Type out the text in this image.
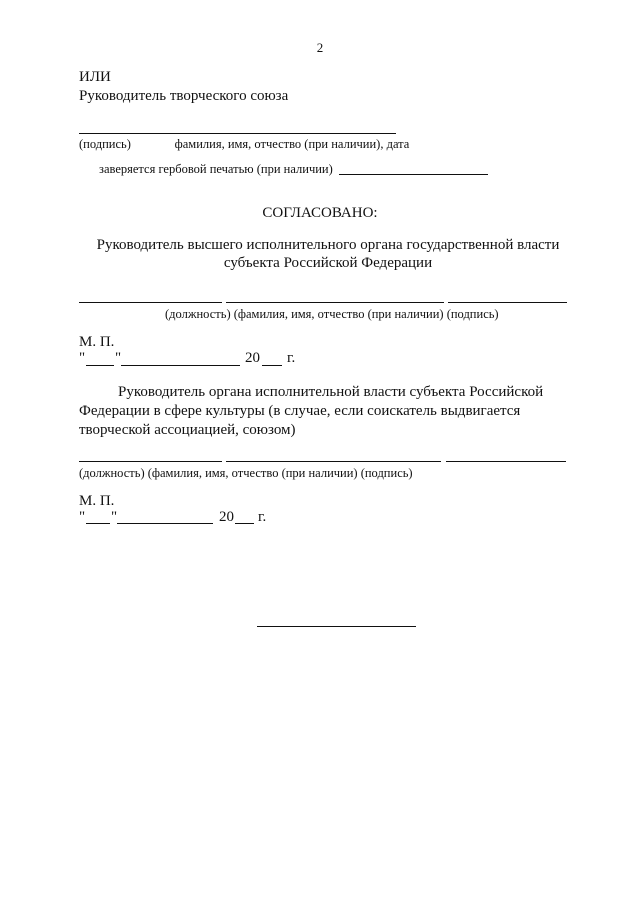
2
ИЛИ
Руководитель творческого союза
(подпись)              фамилия, имя, отчество (при наличии), дата
заверяется гербовой печатью (при наличии)
СОГЛАСОВАНО:
Руководитель высшего исполнительного органа государственной власти
субъекта Российской Федерации
(должность) (фамилия, имя, отчество (при наличии) (подпись)
М. П.
" "	20 г.
Руководитель органа исполнительной власти субъекта Российской
Федерации в сфере культуры (в случае, если соискатель выдвигается
творческой ассоциацией, союзом)
(должность) (фамилия, имя, отчество (при наличии) (подпись)
М. П.
" "	20 г.
